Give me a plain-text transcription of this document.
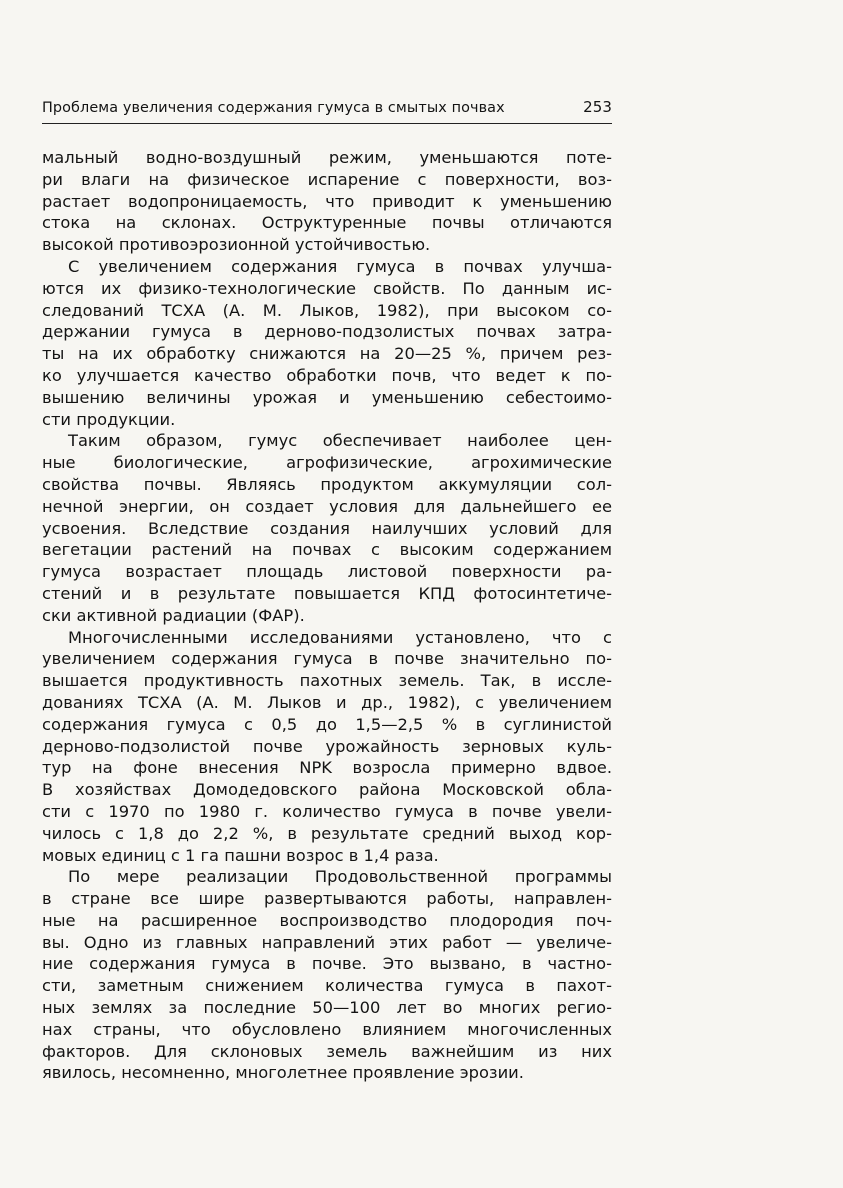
Проблема увеличения содержания гумуса в смытых почвах	253

мальный водно-воздушный режим, уменьшаются поте-
ри влаги на физическое испарение с поверхности, воз-
растает водопроницаемость, что приводит к уменьшению
стока на склонах. Оструктуренные почвы отличаются
высокой противоэрозионной устойчивостью.

С увеличением содержания гумуса в почвах улучша-
ются их физико-технологические свойств. По данным ис-
следований ТСХА (А. М. Лыков, 1982), при высоком со-
держании гумуса в дерново-подзолистых почвах затра-
ты на их обработку снижаются на 20—25 %, причем рез-
ко улучшается качество обработки почв, что ведет к по-
вышению величины урожая и уменьшению себестоимо-
сти продукции.

Таким образом, гумус обеспечивает наиболее цен-
ные биологические, агрофизические, агрохимические
свойства почвы. Являясь продуктом аккумуляции сол-
нечной энергии, он создает условия для дальнейшего ее
усвоения. Вследствие создания наилучших условий для
вегетации растений на почвах с высоким содержанием
гумуса возрастает площадь листовой поверхности ра-
стений и в результате повышается КПД фотосинтетиче-
ски активной радиации (ФАР).

Многочисленными исследованиями установлено, что с
увеличением содержания гумуса в почве значительно по-
вышается продуктивность пахотных земель. Так, в иссле-
дованиях ТСХА (А. М. Лыков и др., 1982), с увеличением
содержания гумуса с 0,5 до 1,5—2,5 % в суглинистой
дерново-подзолистой почве урожайность зерновых куль-
тур на фоне внесения NPK возросла примерно вдвое.
В хозяйствах Домодедовского района Московской обла-
сти с 1970 по 1980 г. количество гумуса в почве увели-
чилось с 1,8 до 2,2 %, в результате средний выход кор-
мовых единиц с 1 га пашни возрос в 1,4 раза.

По мере реализации Продовольственной программы
в стране все шире развертываются работы, направлен-
ные на расширенное воспроизводство плодородия поч-
вы. Одно из главных направлений этих работ — увеличе-
ние содержания гумуса в почве. Это вызвано, в частно-
сти, заметным снижением количества гумуса в пахот-
ных землях за последние 50—100 лет во многих регио-
нах страны, что обусловлено влиянием многочисленных
факторов. Для склоновых земель важнейшим из них
явилось, несомненно, многолетнее проявление эрозии.
